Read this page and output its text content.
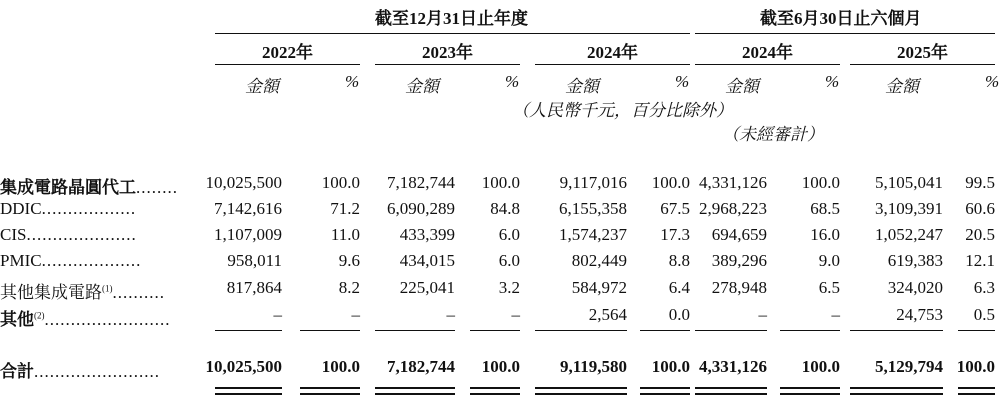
截至12月31日止年度	截至6月30日止六個月
2022年	2023年	2024年	2024年	2025年
金額	%	金額	%	金額	% 金額	%	金額	%
（人民幣千元，百分比除外）
（未經審計）
集成電路晶圓代工........ 10,025,500 100.0 7,182,744 100.0 9,117,016 100.0 4,331,126 100.0 5,105,041 99.5
DDIC..................	7,142,616	71.2 6,090,289 84.8 6,155,358 67.5 2,968,223	68.5 3,109,391 60.6
CIS.....................	1,107,009	11.0 433,399	6.0 1,574,237 17.3 694,659	16.0 1,052,247 20.5
PMIC...................	958,011	9.6 434,015	6.0	802,449 8.8 389,296	9.0	619,383 12.1
其他集成電路$^{(1)}$..........	817,864	8.2 225,041	3.2	584,972 6.4 278,948	6.5	324,020 6.3
其他$^{(2)}$........................	–	–	–	–	2,564 0.0	–	–	24,753 0.5
合計........................	10,025,500 100.0 7,182,744 100.0 9,119,580 100.0 4,331,126 100.0 5,129,794 100.0
